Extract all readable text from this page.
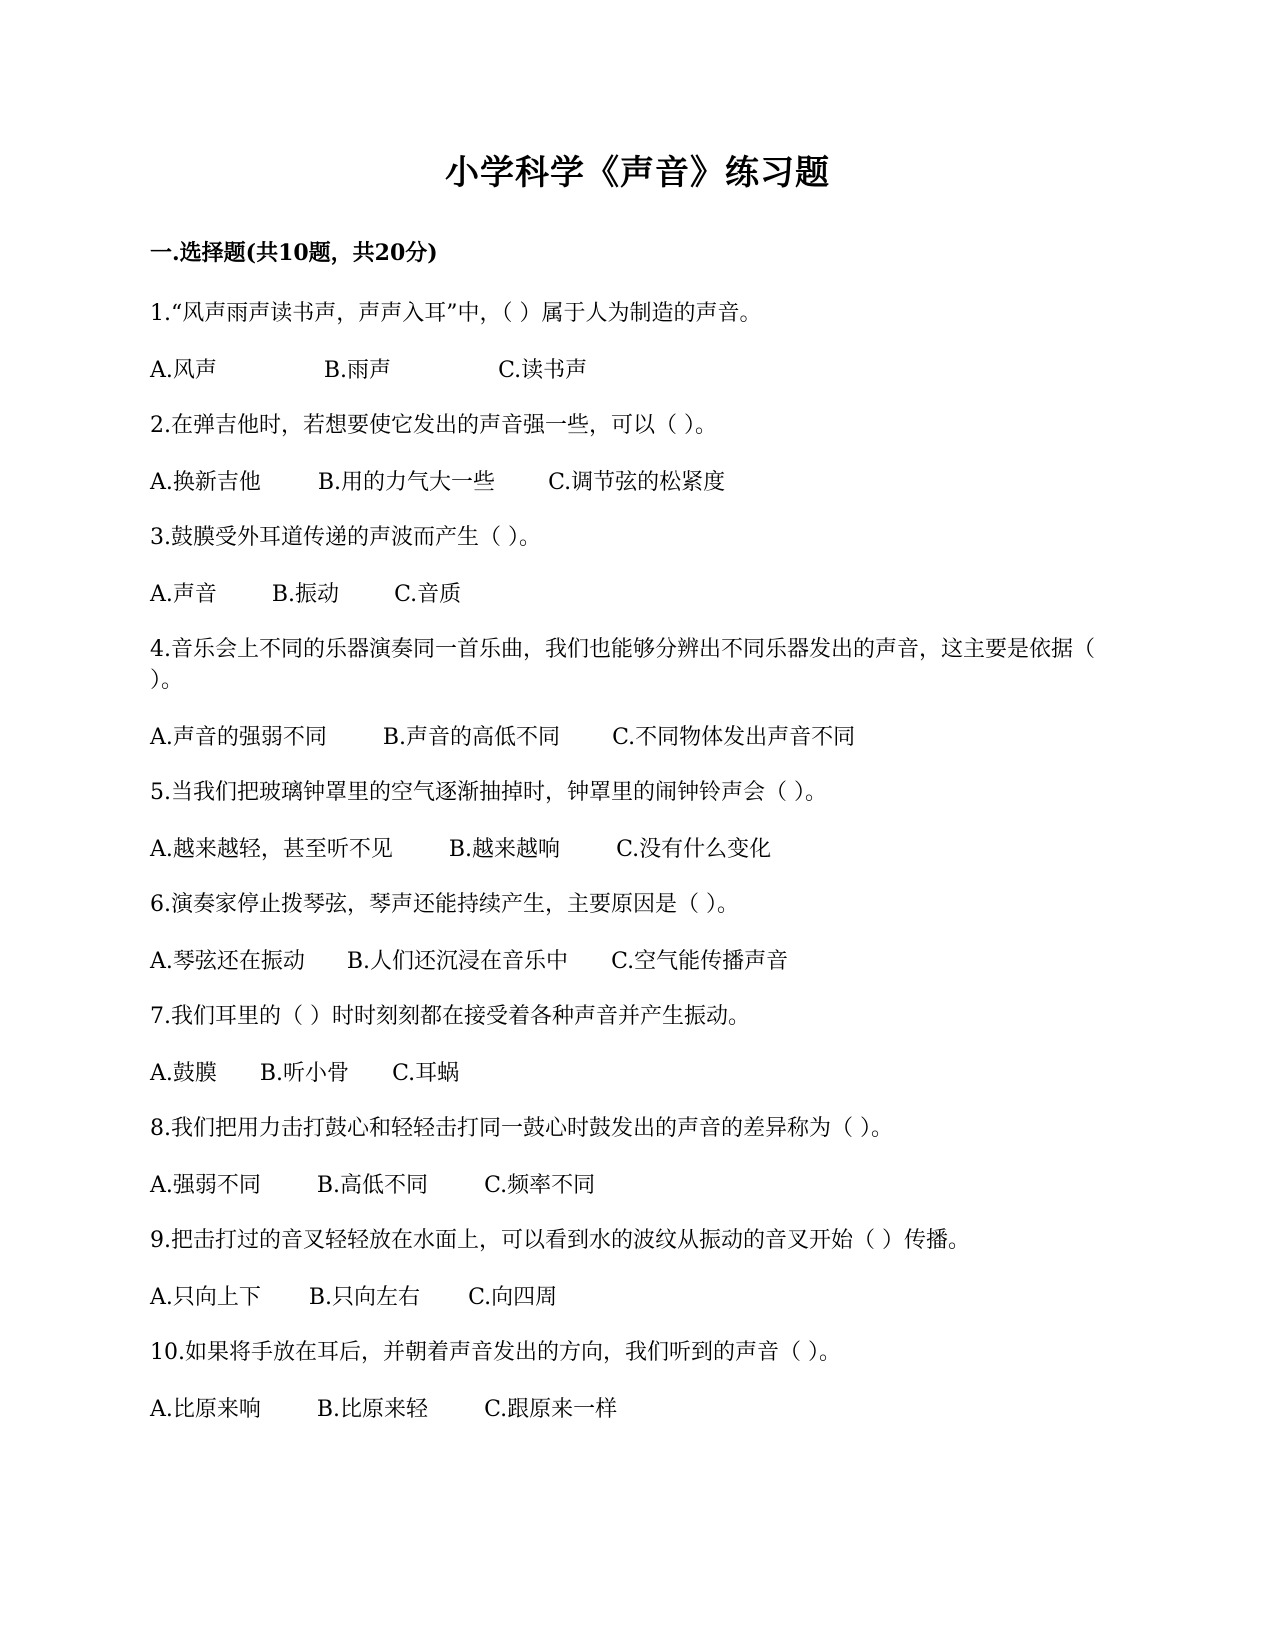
小学科学《声音》练习题
一.选择题(共10题，共20分)
1.“风声雨声读书声，声声入耳”中，（ ）属于人为制造的声音。
A.风声	B.雨声	C.读书声
2.在弹吉他时，若想要使它发出的声音强一些，可以（ ）。
A.换新吉他	B.用的力气大一些 C.调节弦的松紧度
3.鼓膜受外耳道传递的声波而产生（ ）。
A.声音	B.振动	C.音质
4.音乐会上不同的乐器演奏同一首乐曲，我们也能够分辨出不同乐器发出的声音，这主要是依据（ ）。
A.声音的强弱不同	B.声音的高低不同 C.不同物体发出声音不同
5.当我们把玻璃钟罩里的空气逐渐抽掉时，钟罩里的闹钟铃声会（ ）。
A.越来越轻，甚至听不见	B.越来越响	C.没有什么变化
6.演奏家停止拨琴弦，琴声还能持续产生，主要原因是（ ）。
A.琴弦还在振动 B.人们还沉浸在音乐中 C.空气能传播声音
7.我们耳里的（ ）时时刻刻都在接受着各种声音并产生振动。
A.鼓膜 B.听小骨 C.耳蜗
8.我们把用力击打鼓心和轻轻击打同一鼓心时鼓发出的声音的差异称为（ ）。
A.强弱不同	B.高低不同	C.频率不同
9.把击打过的音叉轻轻放在水面上，可以看到水的波纹从振动的音叉开始（ ）传播。
A.只向上下 B.只向左右 C.向四周
10.如果将手放在耳后，并朝着声音发出的方向，我们听到的声音（ ）。
A.比原来响	B.比原来轻	C.跟原来一样
